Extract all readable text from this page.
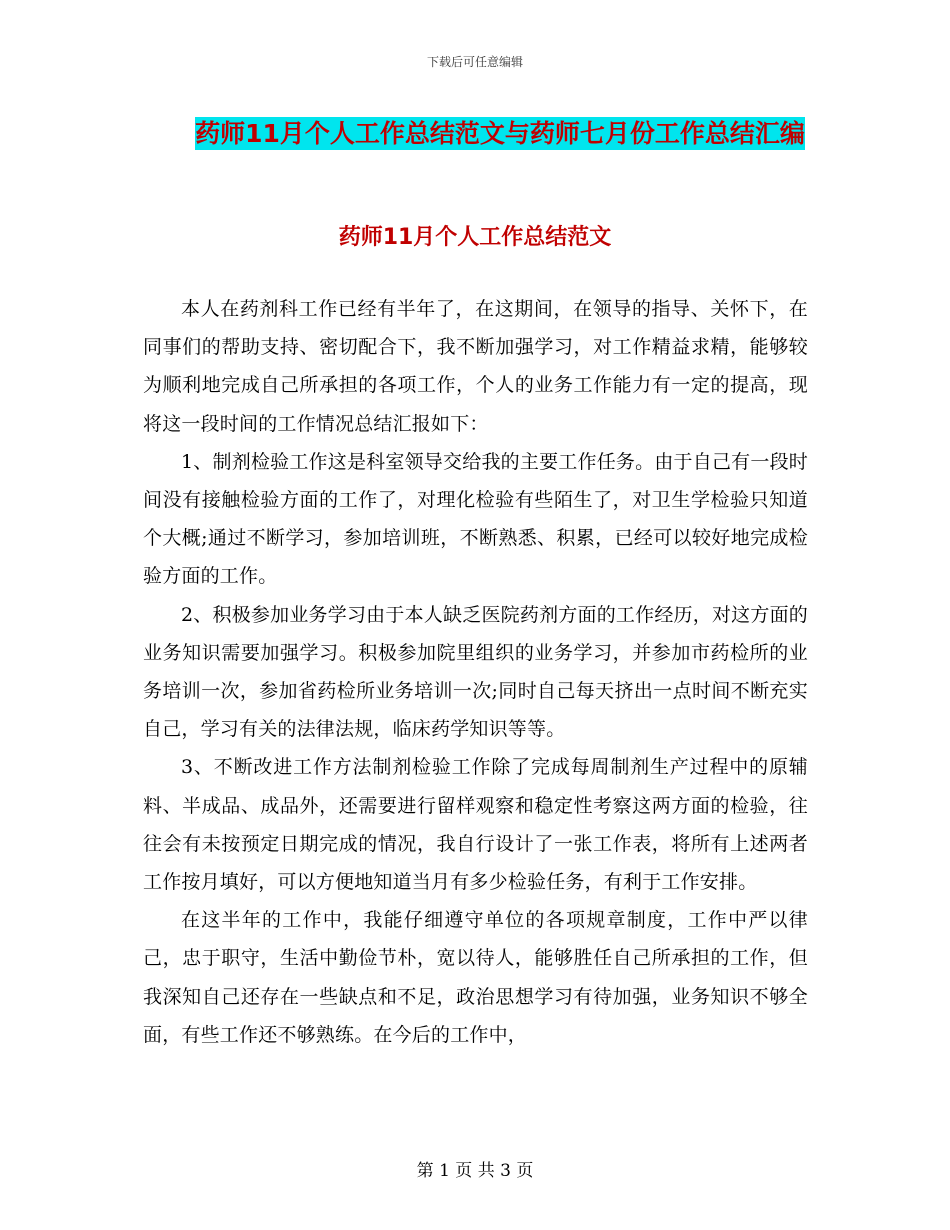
下载后可任意编辑
药师11月个人工作总结范文与药师七月份工作总结汇编
药师11月个人工作总结范文

本人在药剂科工作已经有半年了，在这期间，在领导的指导、关怀下，在同事们的帮助支持、密切配合下，我不断加强学习，对工作精益求精，能够较为顺利地完成自己所承担的各项工作，个人的业务工作能力有一定的提高，现将这一段时间的工作情况总结汇报如下：

1、制剂检验工作这是科室领导交给我的主要工作任务。由于自己有一段时间没有接触检验方面的工作了，对理化检验有些陌生了，对卫生学检验只知道个大概;通过不断学习，参加培训班，不断熟悉、积累，已经可以较好地完成检验方面的工作。

2、积极参加业务学习由于本人缺乏医院药剂方面的工作经历，对这方面的业务知识需要加强学习。积极参加院里组织的业务学习，并参加市药检所的业务培训一次，参加省药检所业务培训一次;同时自己每天挤出一点时间不断充实自己，学习有关的法律法规，临床药学知识等等。

3、不断改进工作方法制剂检验工作除了完成每周制剂生产过程中的原辅料、半成品、成品外，还需要进行留样观察和稳定性考察这两方面的检验，往往会有未按预定日期完成的情况，我自行设计了一张工作表，将所有上述两者工作按月填好，可以方便地知道当月有多少检验任务，有利于工作安排。

在这半年的工作中，我能仔细遵守单位的各项规章制度，工作中严以律己，忠于职守，生活中勤俭节朴，宽以待人，能够胜任自己所承担的工作，但我深知自己还存在一些缺点和不足，政治思想学习有待加强，业务知识不够全面，有些工作还不够熟练。在今后的工作中，

第 1 页 共 3 页
